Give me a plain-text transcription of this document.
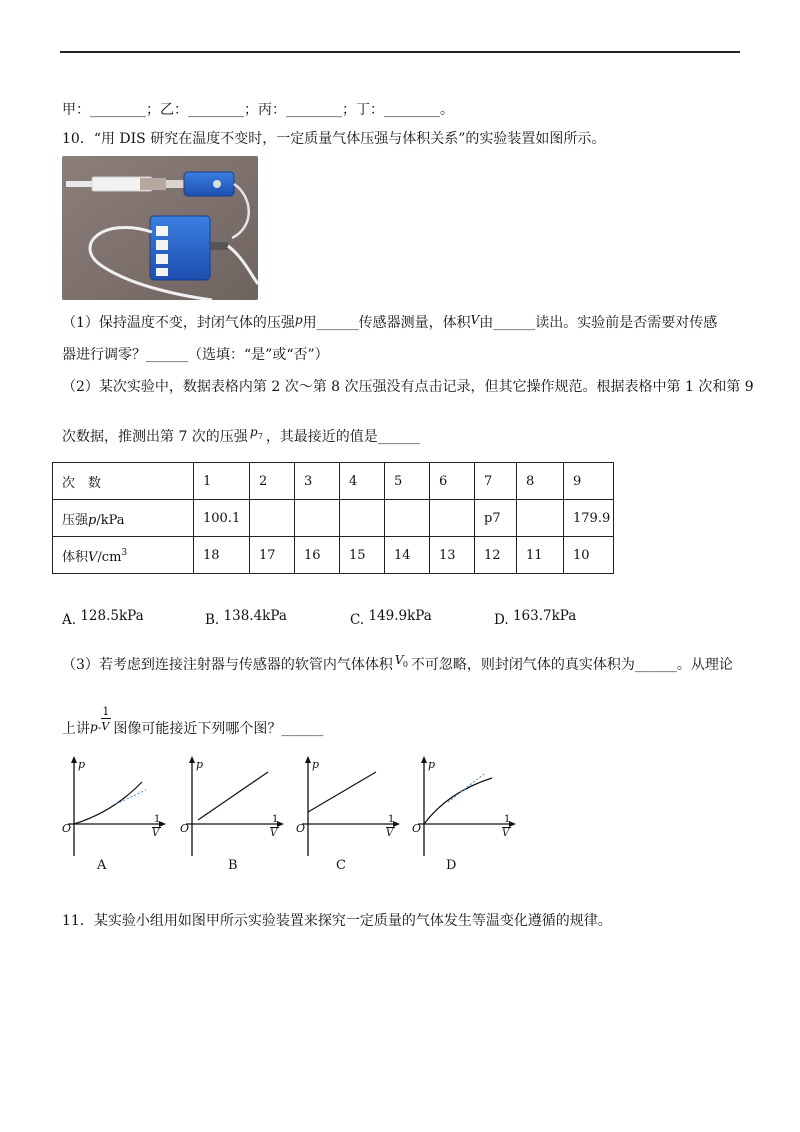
甲：________；乙：________；丙：________；丁：________。
10．“用 DIS 研究在温度不变时，一定质量气体压强与体积关系”的实验装置如图所示。
（1）保持温度不变，封闭气体的压强p用______传感器测量，体积V由______读出。实验前是否需要对传感
器进行调零？______（选填：“是”或“否”）
（2）某次实验中，数据表格内第 2 次～第 8 次压强没有点击记录，但其它操作规范。根据表格中第 1 次和第 9
次数据，推测出第 7 次的压强 p 7 ，其最接近的值是______
次　数	1	2	3	4	5	6	7	8	9
压强p/kPa	100.1						p7		179.9
体积$V/cm^3$	18	17	16	15	14	13	12	11	10
A. 128.5kPa	B. 138.4kPa	C. 149.9kPa	D. 163.7kPa
（3）若考虑到连接注射器与传感器的软管内气体体积 V 0 不可忽略，则封闭气体的真实体积为______。从理论
上讲$p- \frac{1}{V}$ 图像可能接近下列哪个图？______
p
O
1
V
p
O
1
V
p
O
1
V
p
O
1
V
A	B	C	D
11．某实验小组用如图甲所示实验装置来探究一定质量的气体发生等温变化遵循的规律。
